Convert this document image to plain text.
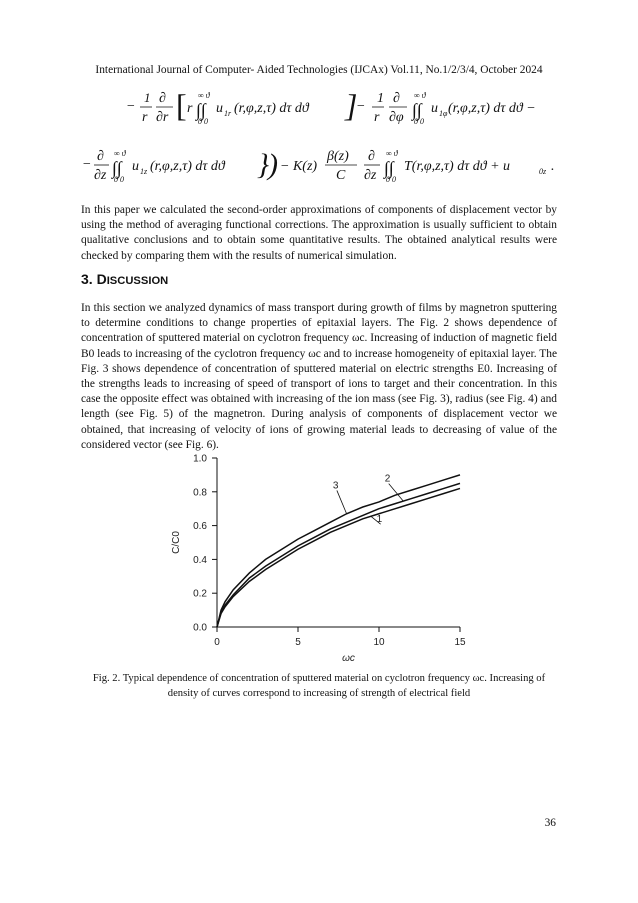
International Journal of Computer- Aided Technologies (IJCAx) Vol.11, No.1/2/3/4, October 2024
−
1
r
∂
∂r [ r ∫∫
∞ ϑ
0 0
u 1r (r,φ,z,τ) dτ dϑ ]
−
1
r
∂
∂φ ∫∫
∞ ϑ
0 0
u 1φ (r,φ,z,τ) dτ dϑ −
−
∂
∂z ∫∫
∞ ϑ
0 0
u 1z (r,φ,z,τ) dτ dϑ } ) − K(z)
β(z)
C
∂
∂z ∫∫
∞ ϑ
0 0
T(r,φ,z,τ) dτ dϑ + u	0z .
In this paper we calculated the second-order approximations of components of displacement vector by using the method of averaging functional corrections. The approximation is usually sufficient to obtain qualitative conclusions and to obtain some quantitative results. The obtained analytical results were checked by comparing them with the results of numerical simulation.
3. DISCUSSION
In this section we analyzed dynamics of mass transport during growth of films by magnetron sputtering to determine conditions to change properties of epitaxial layers. The Fig. 2 shows dependence of concentration of sputtered material on cyclotron frequency ωc. Increasing of induction of magnetic field B0 leads to increasing of the cyclotron frequency ωc and to increase homogeneity of epitaxial layer. The Fig. 3 shows dependence of concentration of sputtered material on electric strengths E0. Increasing of the strengths leads to increasing of speed of transport of ions to target and their concentration. In this case the opposite effect was obtained with increasing of the ion mass (see Fig. 3), radius (see Fig. 4) and length (see Fig. 5) of the magnetron. During analysis of components of displacement vector we obtained, that increasing of velocity of ions of growing material leads to decreasing of value of the considered vector (see Fig. 6).
0.0
0.2
0.4
0.6
0.8
1.0
0	5	10	15
ωc
C/C0
1
2
3
Fig. 2. Typical dependence of concentration of sputtered material on cyclotron frequency ωc. Increasing of density of curves correspond to increasing of strength of electrical field
36
